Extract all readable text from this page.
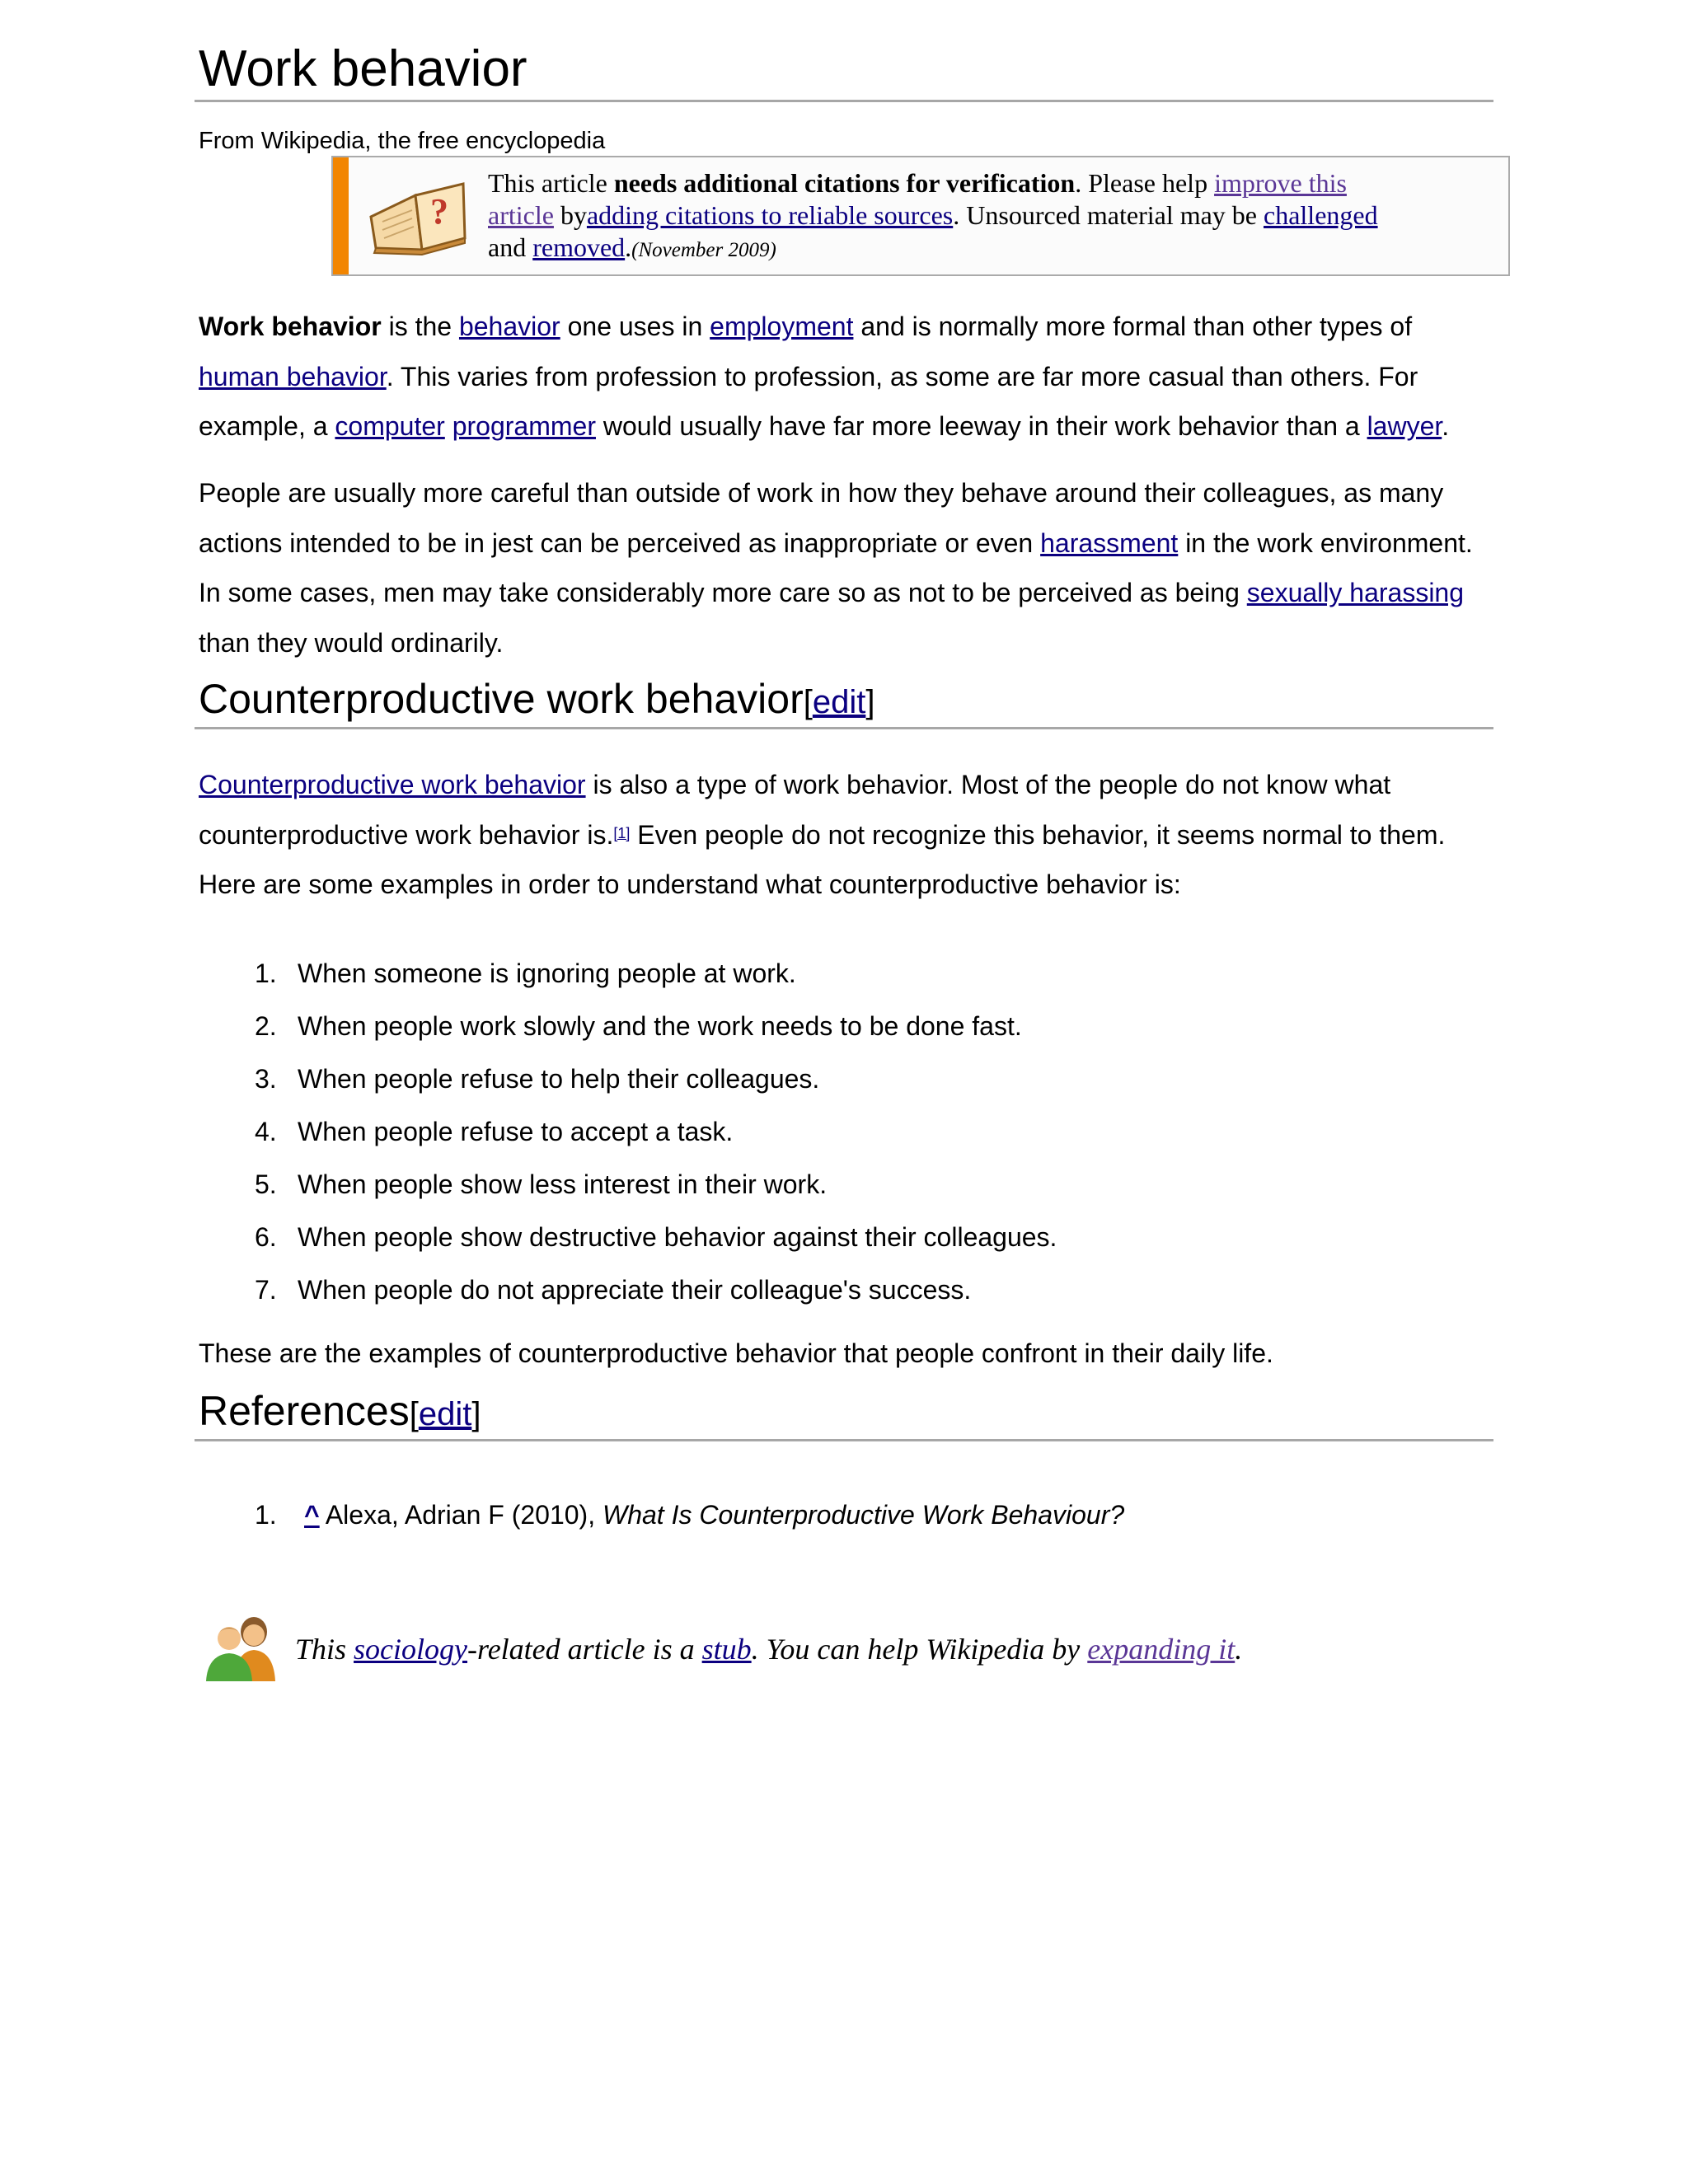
Work behavior
From Wikipedia, the free encyclopedia
?
This article needs additional citations for verification. Please help improve this article byadding citations to reliable sources. Unsourced material may be challenged and removed.(November 2009)

Work behavior is the behavior one uses in employment and is normally more formal than other types of human behavior. This varies from profession to profession, as some are far more casual than others. For example, a computer programmer would usually have far more leeway in their work behavior than a lawyer.

People are usually more careful than outside of work in how they behave around their colleagues, as many actions intended to be in jest can be perceived as inappropriate or even harassment in the work environment. In some cases, men may take considerably more care so as not to be perceived as being sexually harassing than they would ordinarily.

Counterproductive work behavior[edit]

Counterproductive work behavior is also a type of work behavior. Most of the people do not know what counterproductive work behavior is.[1] Even people do not recognize this behavior, it seems normal to them. Here are some examples in order to understand what counterproductive behavior is:

1. When someone is ignoring people at work.
2. When people work slowly and the work needs to be done fast.
3. When people refuse to help their colleagues.
4. When people refuse to accept a task.
5. When people show less interest in their work.
6. When people show destructive behavior against their colleagues.
7. When people do not appreciate their colleague's success.

These are the examples of counterproductive behavior that people confront in their daily life.

References[edit]
1. ^ Alexa, Adrian F (2010), What Is Counterproductive Work Behaviour?
This sociology-related article is a stub. You can help Wikipedia by expanding it.
